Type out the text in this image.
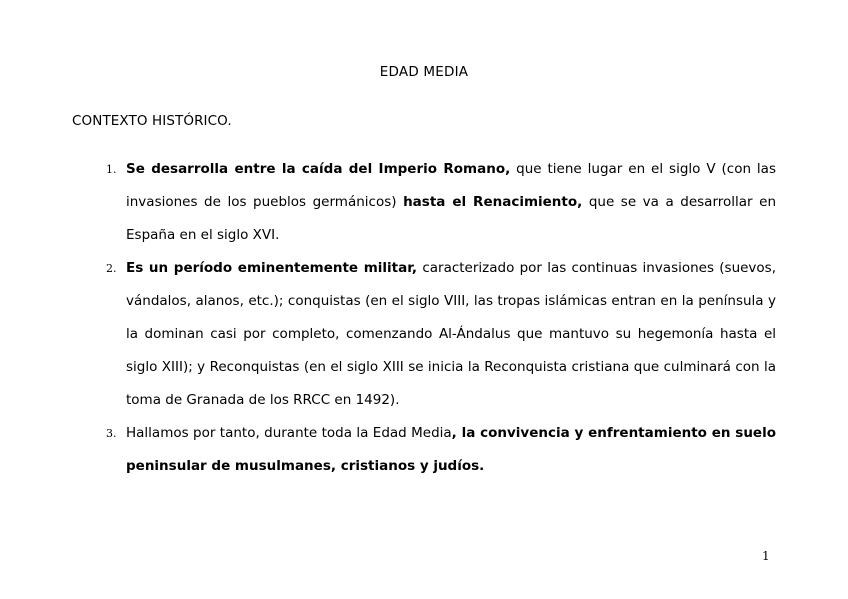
EDAD MEDIA
CONTEXTO HISTÓRICO.
1. Se desarrolla entre la caída del Imperio Romano, que tiene lugar en el siglo V (con las invasiones de los pueblos germánicos) hasta el Renacimiento, que se va a desarrollar en España en el siglo XVI.
2. Es un período eminentemente militar, caracterizado por las continuas invasiones (suevos, vándalos, alanos, etc.); conquistas (en el siglo VIII, las tropas islámicas entran en la península y la dominan casi por completo, comenzando Al-Ándalus que mantuvo su hegemonía hasta el siglo XIII); y Reconquistas (en el siglo XIII se inicia la Reconquista cristiana que culminará con la toma de Granada de los RRCC en 1492).
3. Hallamos por tanto, durante toda la Edad Media, la convivencia y enfrentamiento en suelo peninsular de musulmanes, cristianos y judíos.
1
